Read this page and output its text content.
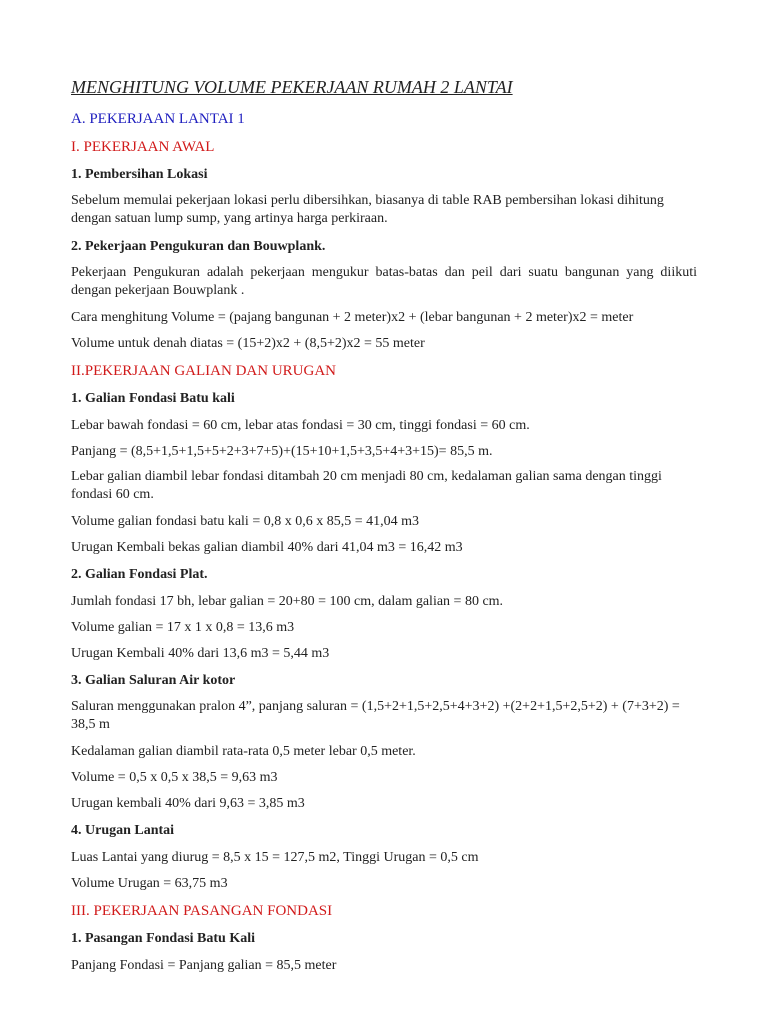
MENGHITUNG VOLUME PEKERJAAN RUMAH 2 LANTAI
A. PEKERJAAN LANTAI 1
I. PEKERJAAN AWAL
1. Pembersihan Lokasi
Sebelum memulai pekerjaan lokasi perlu dibersihkan, biasanya di table RAB pembersihan lokasi dihitung dengan satuan lump sump, yang artinya harga perkiraan.
2. Pekerjaan Pengukuran dan Bouwplank.
Pekerjaan Pengukuran adalah pekerjaan mengukur batas-batas dan peil dari suatu bangunan yang diikuti dengan pekerjaan Bouwplank .
Cara menghitung Volume = (pajang bangunan + 2 meter)x2 + (lebar bangunan + 2 meter)x2 = meter
Volume untuk denah diatas = (15+2)x2 + (8,5+2)x2 = 55 meter
II.PEKERJAAN GALIAN DAN URUGAN
1. Galian Fondasi Batu kali
Lebar bawah fondasi = 60 cm, lebar atas fondasi = 30 cm, tinggi fondasi = 60 cm.
Panjang = (8,5+1,5+1,5+5+2+3+7+5)+(15+10+1,5+3,5+4+3+15)= 85,5 m.
Lebar galian diambil lebar fondasi ditambah 20 cm menjadi 80 cm, kedalaman galian sama dengan tinggi fondasi 60 cm.
Volume galian fondasi batu kali = 0,8 x 0,6 x 85,5 = 41,04 m3
Urugan Kembali bekas galian diambil 40% dari 41,04 m3 = 16,42 m3
2. Galian Fondasi Plat.
Jumlah fondasi 17 bh, lebar galian = 20+80 = 100 cm, dalam galian = 80 cm.
Volume galian = 17 x 1 x 0,8 = 13,6 m3
Urugan Kembali 40% dari 13,6 m3 = 5,44 m3
3. Galian Saluran Air kotor
Saluran menggunakan pralon 4”, panjang saluran = (1,5+2+1,5+2,5+4+3+2) +(2+2+1,5+2,5+2) + (7+3+2) = 38,5 m
Kedalaman galian diambil rata-rata 0,5 meter lebar 0,5 meter.
Volume = 0,5 x 0,5 x 38,5 = 9,63 m3
Urugan kembali 40% dari 9,63 = 3,85 m3
4. Urugan Lantai
Luas Lantai yang diurug = 8,5 x 15 = 127,5 m2, Tinggi Urugan = 0,5 cm
Volume Urugan = 63,75 m3
III. PEKERJAAN PASANGAN FONDASI
1. Pasangan Fondasi Batu Kali
Panjang Fondasi = Panjang galian = 85,5 meter
